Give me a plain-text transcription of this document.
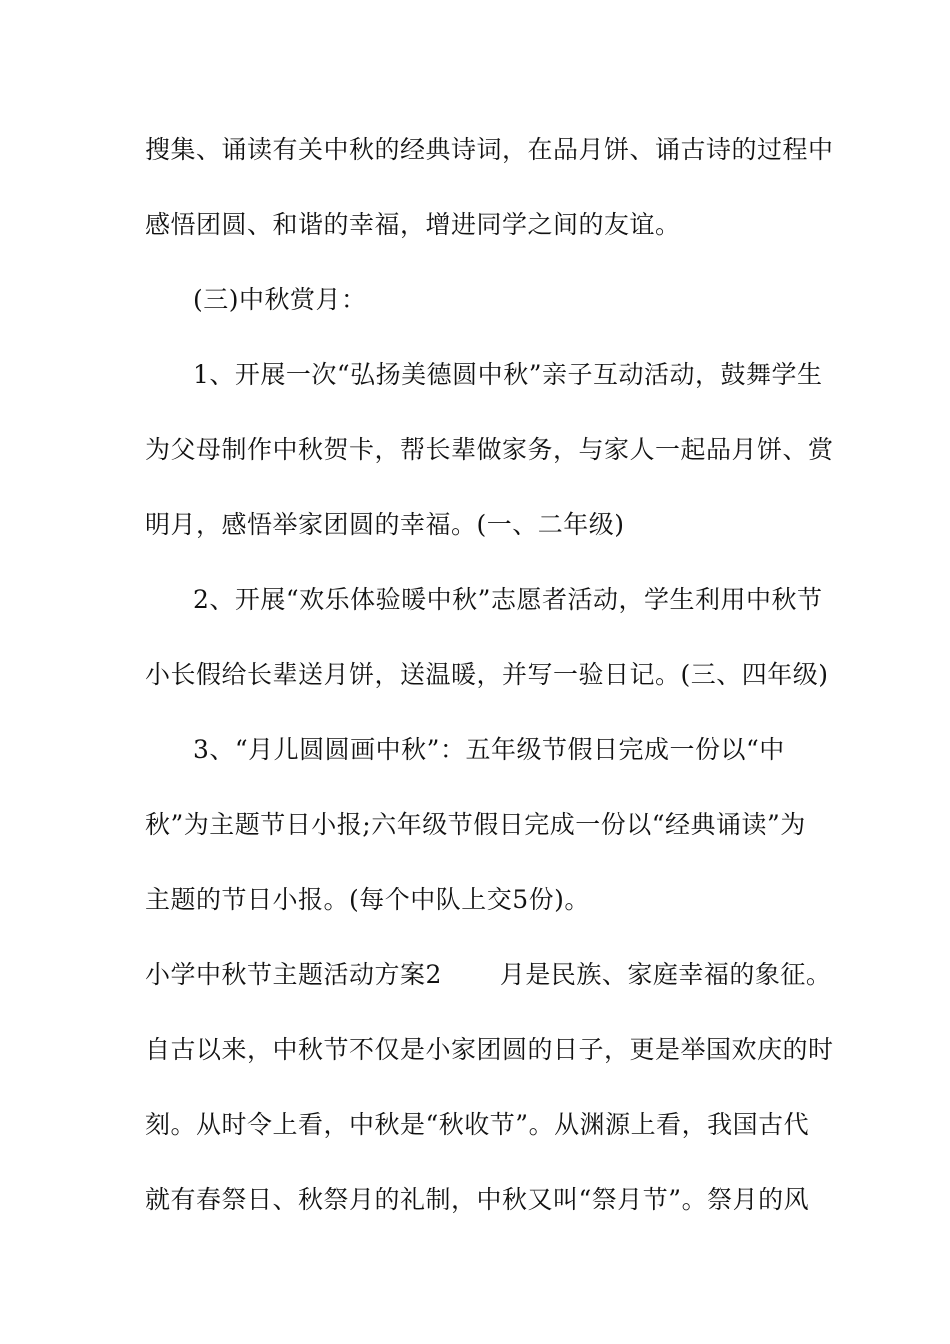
搜集、诵读有关中秋的经典诗词，在品月饼、诵古诗的过程中
感悟团圆、和谐的幸福，增进同学之间的友谊。
(三)中秋赏月：
1、开展一次“弘扬美德圆中秋”亲子互动活动，鼓舞学生
为父母制作中秋贺卡，帮长辈做家务，与家人一起品月饼、赏
明月，感悟举家团圆的幸福。(一、二年级)
2、开展“欢乐体验暖中秋”志愿者活动，学生利用中秋节
小长假给长辈送月饼，送温暖，并写一验日记。(三、四年级)
3、“月儿圆圆画中秋”：五年级节假日完成一份以“中
秋”为主题节日小报;六年级节假日完成一份以“经典诵读”为
主题的节日小报。(每个中队上交5份)。
小学中秋节主题活动方案2 月是民族、家庭幸福的象征。
自古以来，中秋节不仅是小家团圆的日子，更是举国欢庆的时
刻。从时令上看，中秋是“秋收节”。从渊源上看，我国古代
就有春祭日、秋祭月的礼制，中秋又叫“祭月节”。祭月的风
